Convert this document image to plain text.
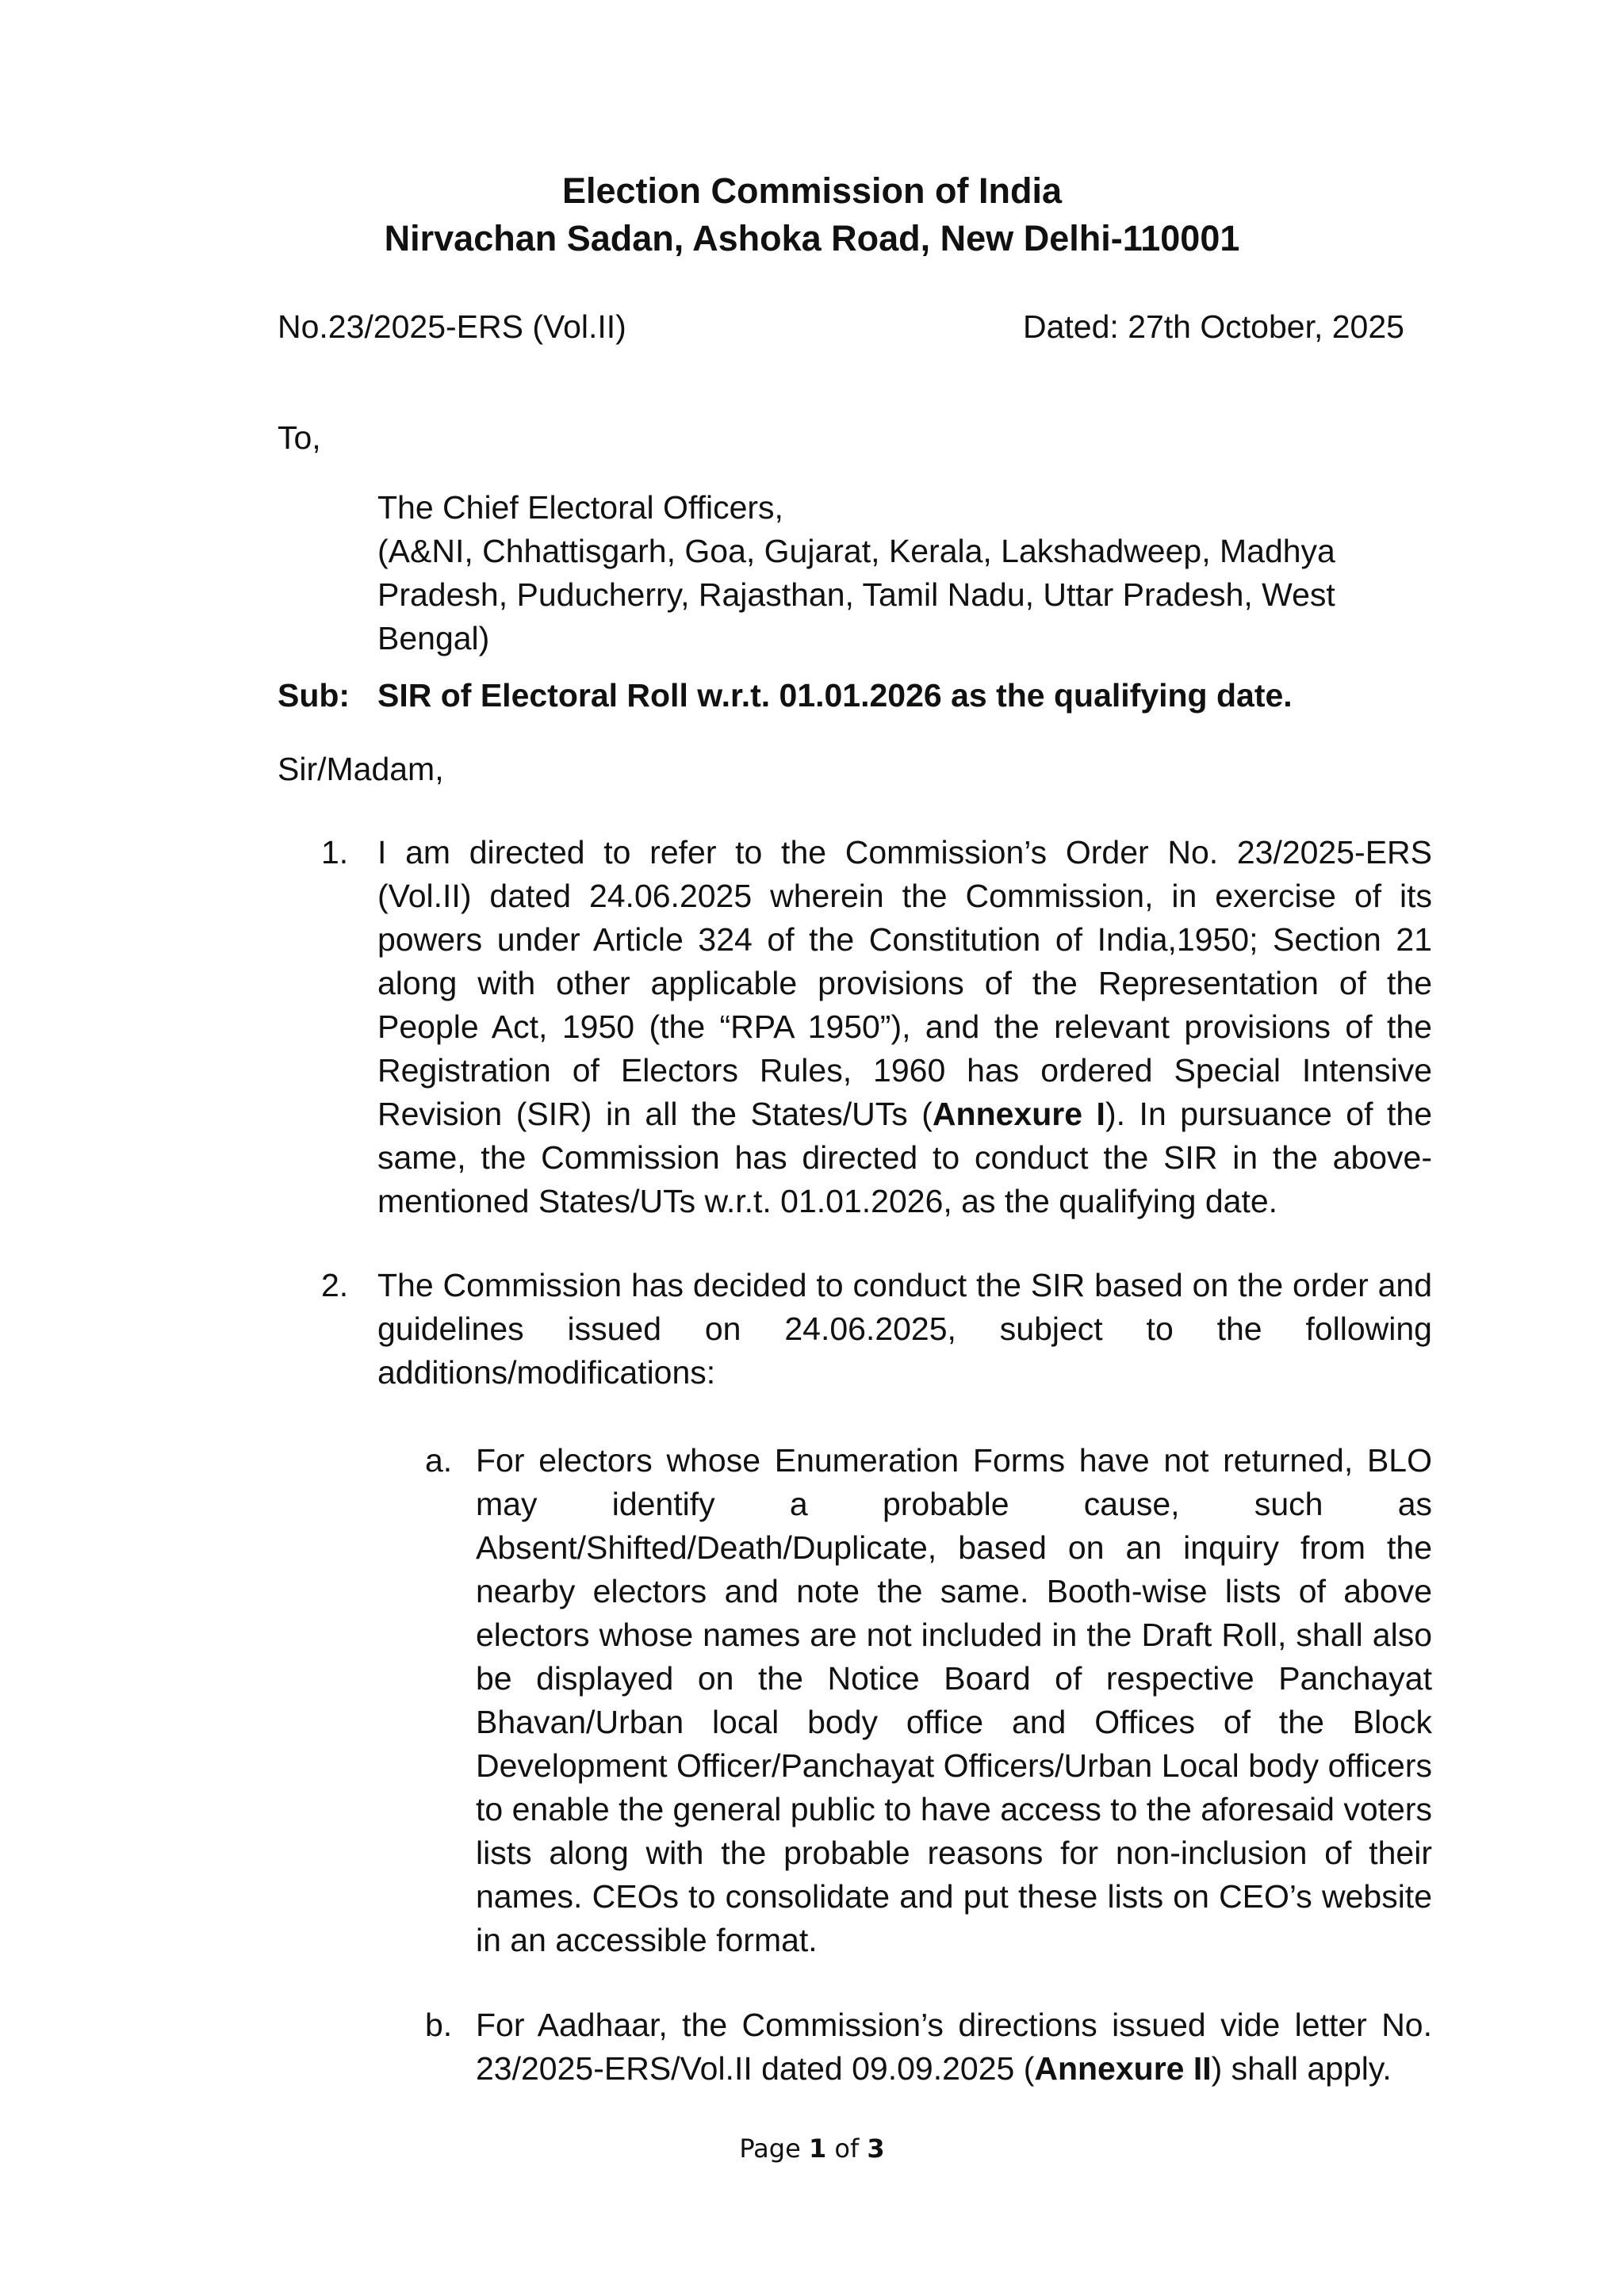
Election Commission of India
Nirvachan Sadan, Ashoka Road, New Delhi-110001
No.23/2025-ERS (Vol.II)	Dated: 27th October, 2025
To,
The Chief Electoral Officers,
(A&NI, Chhattisgarh, Goa, Gujarat, Kerala, Lakshadweep, Madhya
Pradesh, Puducherry, Rajasthan, Tamil Nadu, Uttar Pradesh, West
Bengal)
Sub: SIR of Electoral Roll w.r.t. 01.01.2026 as the qualifying date.
Sir/Madam,
1. I am directed to refer to the Commission’s Order No. 23/2025-ERS (Vol.II) dated 24.06.2025 wherein the Commission, in exercise of its powers under Article 324 of the Constitution of India,1950; Section 21 along with other applicable provisions of the Representation of the People Act, 1950 (the “RPA 1950”), and the relevant provisions of the Registration of Electors Rules, 1960 has ordered Special Intensive Revision (SIR) in all the States/UTs (Annexure I). In pursuance of the same, the Commission has directed to conduct the SIR in the above-mentioned States/UTs w.r.t. 01.01.2026, as the qualifying date.
2. The Commission has decided to conduct the SIR based on the order and guidelines issued on 24.06.2025, subject to the following additions/modifications:
a. For electors whose Enumeration Forms have not returned, BLO may identify a probable cause, such as Absent/Shifted/Death/Duplicate, based on an inquiry from the nearby electors and note the same. Booth-wise lists of above electors whose names are not included in the Draft Roll, shall also be displayed on the Notice Board of respective Panchayat Bhavan/Urban local body office and Offices of the Block Development Officer/Panchayat Officers/Urban Local body officers to enable the general public to have access to the aforesaid voters lists along with the probable reasons for non-inclusion of their names. CEOs to consolidate and put these lists on CEO’s website in an accessible format.
b. For Aadhaar, the Commission’s directions issued vide letter No. 23/2025-ERS/Vol.II dated 09.09.2025 (Annexure II) shall apply.
Page 1 of 3
